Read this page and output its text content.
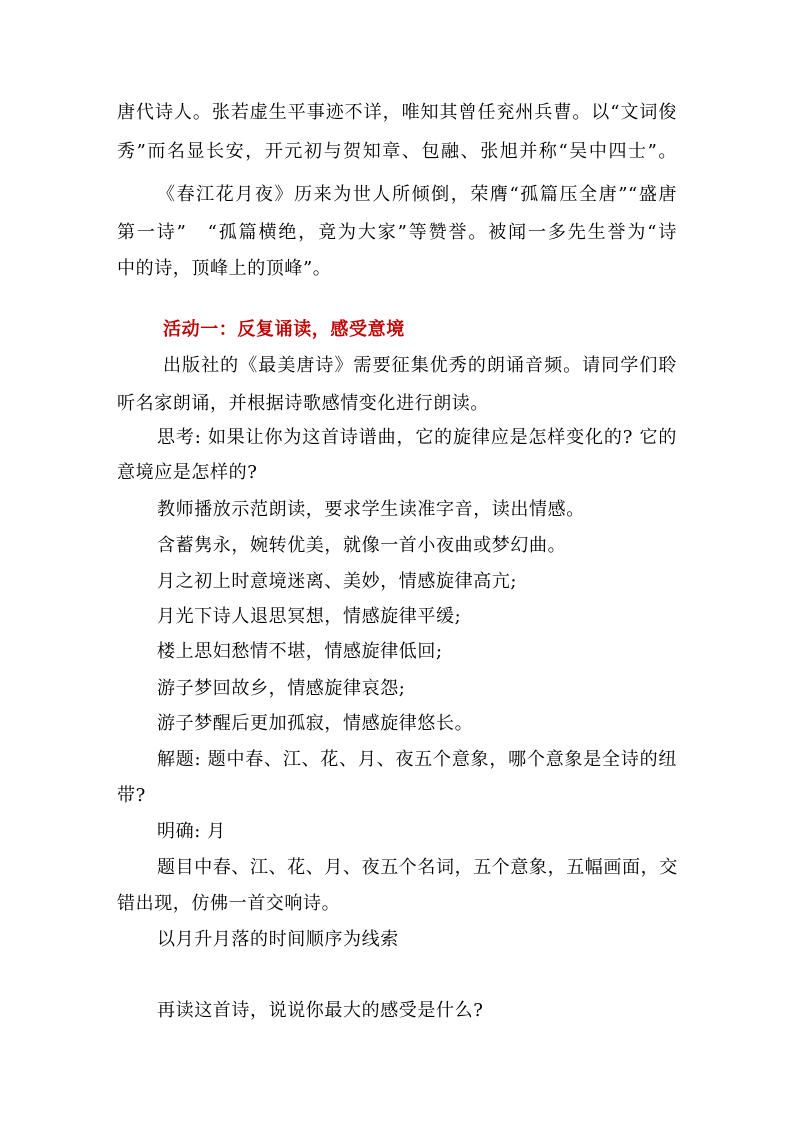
唐代诗人。张若虚生平事迹不详，唯知其曾任兖州兵曹。以“文词俊
秀”而名显长安，开元初与贺知章、包融、张旭并称“吴中四士”。
《春江花月夜》历来为世人所倾倒，荣膺“孤篇压全唐”“盛唐
第一诗”　“孤篇横绝，竟为大家”等赞誉。被闻一多先生誉为“诗
中的诗，顶峰上的顶峰”。
活动一：反复诵读，感受意境
出版社的《最美唐诗》需要征集优秀的朗诵音频。请同学们聆
听名家朗诵，并根据诗歌感情变化进行朗读。
思考: 如果让你为这首诗谱曲，它的旋律应是怎样变化的? 它的
意境应是怎样的?
教师播放示范朗读，要求学生读准字音，读出情感。
含蓄隽永，婉转优美，就像一首小夜曲或梦幻曲。
月之初上时意境迷离、美妙，情感旋律高亢;
月光下诗人退思冥想，情感旋律平缓;
楼上思妇愁情不堪，情感旋律低回;
游子梦回故乡，情感旋律哀怨;
游子梦醒后更加孤寂，情感旋律悠长。
解题: 题中春、江、花、月、夜五个意象，哪个意象是全诗的纽
带?
明确: 月
题目中春、江、花、月、夜五个名词，五个意象，五幅画面，交
错出现，仿佛一首交响诗。
以月升月落的时间顺序为线索
再读这首诗，说说你最大的感受是什么?
